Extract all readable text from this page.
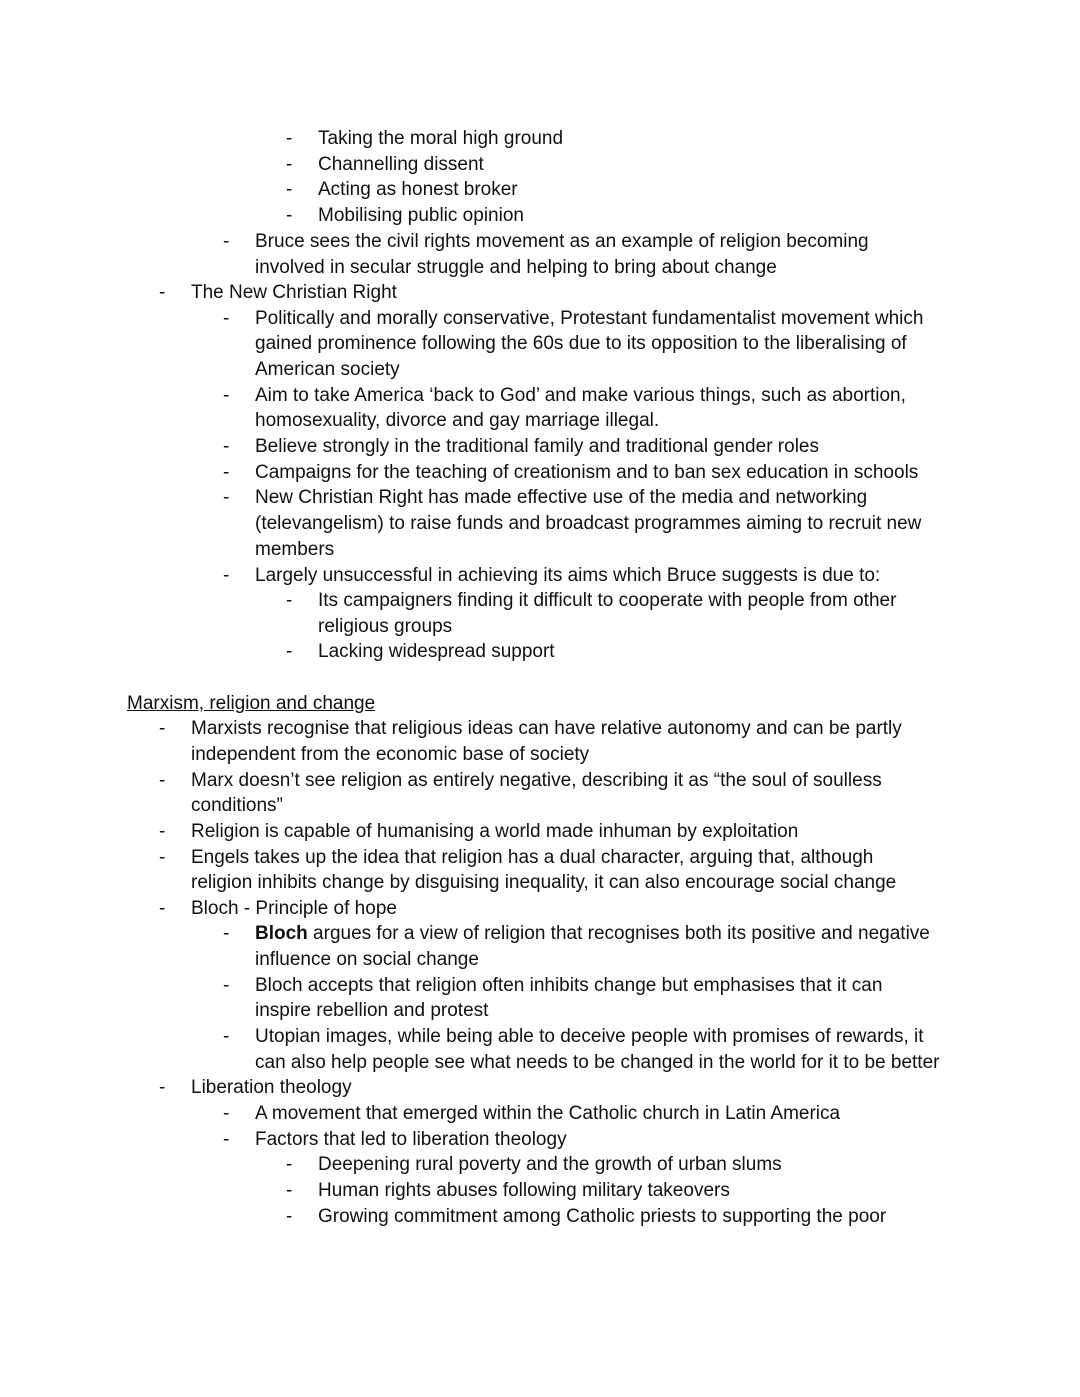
- Taking the moral high ground
- Channelling dissent
- Acting as honest broker
- Mobilising public opinion
- Bruce sees the civil rights movement as an example of religion becoming
involved in secular struggle and helping to bring about change
- The New Christian Right
- Politically and morally conservative, Protestant fundamentalist movement which
gained prominence following the 60s due to its opposition to the liberalising of
American society
- Aim to take America ‘back to God’ and make various things, such as abortion,
homosexuality, divorce and gay marriage illegal.
- Believe strongly in the traditional family and traditional gender roles
- Campaigns for the teaching of creationism and to ban sex education in schools
- New Christian Right has made effective use of the media and networking
(televangelism) to raise funds and broadcast programmes aiming to recruit new
members
- Largely unsuccessful in achieving its aims which Bruce suggests is due to:
- Its campaigners finding it difficult to cooperate with people from other
religious groups
- Lacking widespread support
Marxism, religion and change
- Marxists recognise that religious ideas can have relative autonomy and can be partly
independent from the economic base of society
- Marx doesn’t see religion as entirely negative, describing it as “the soul of soulless
conditions”
- Religion is capable of humanising a world made inhuman by exploitation
- Engels takes up the idea that religion has a dual character, arguing that, although
religion inhibits change by disguising inequality, it can also encourage social change
- Bloch - Principle of hope
- Bloch argues for a view of religion that recognises both its positive and negative
influence on social change
- Bloch accepts that religion often inhibits change but emphasises that it can
inspire rebellion and protest
- Utopian images, while being able to deceive people with promises of rewards, it
can also help people see what needs to be changed in the world for it to be better
- Liberation theology
- A movement that emerged within the Catholic church in Latin America
- Factors that led to liberation theology
- Deepening rural poverty and the growth of urban slums
- Human rights abuses following military takeovers
- Growing commitment among Catholic priests to supporting the poor
